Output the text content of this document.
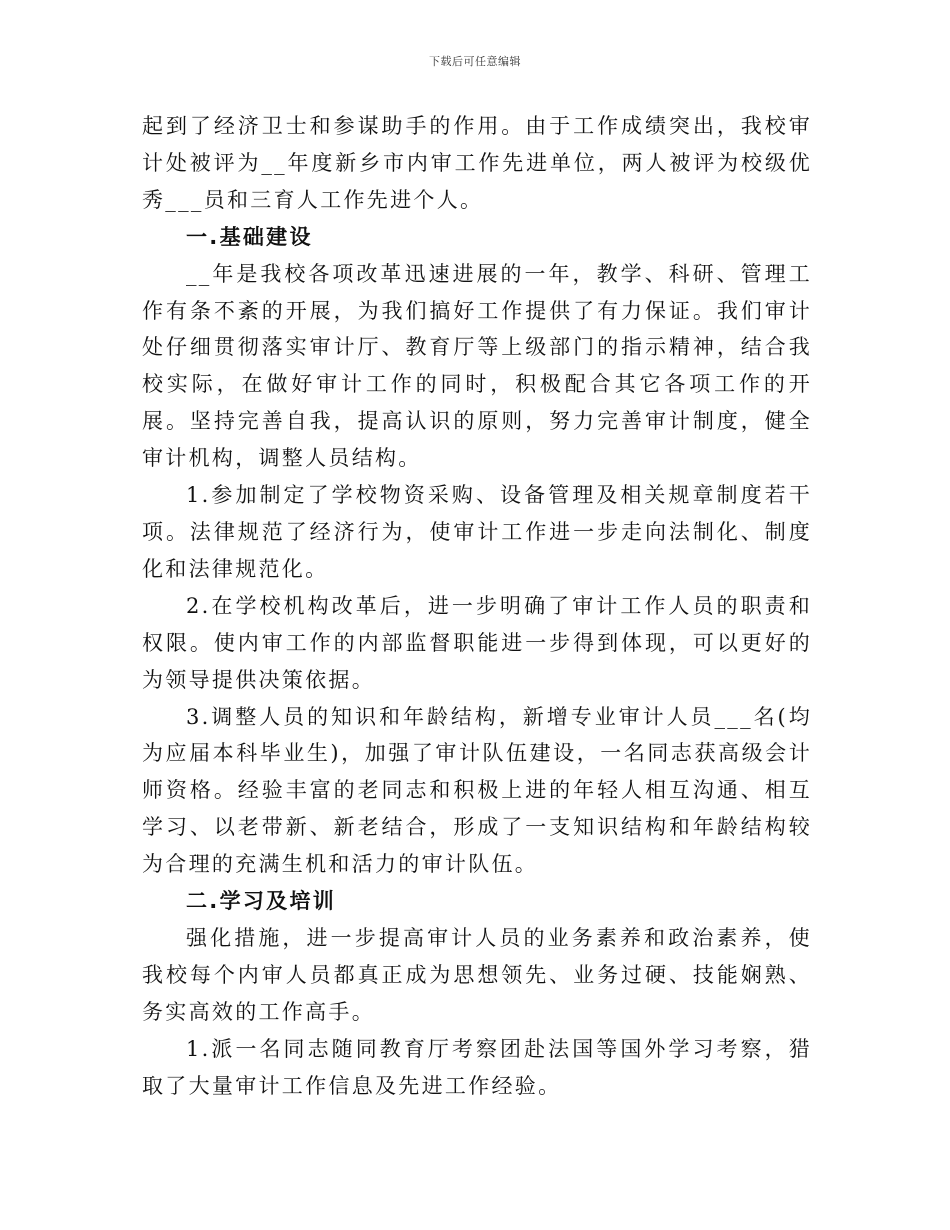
下载后可任意编辑

起到了经济卫士和参谋助手的作用。由于工作成绩突出，我校审计处被评为__年度新乡市内审工作先进单位，两人被评为校级优秀___员和三育人工作先进个人。

一.基础建设

__年是我校各项改革迅速进展的一年，教学、科研、管理工作有条不紊的开展，为我们搞好工作提供了有力保证。我们审计处仔细贯彻落实审计厅、教育厅等上级部门的指示精神，结合我校实际，在做好审计工作的同时，积极配合其它各项工作的开展。坚持完善自我，提高认识的原则，努力完善审计制度，健全审计机构，调整人员结构。

1.参加制定了学校物资采购、设备管理及相关规章制度若干项。法律规范了经济行为，使审计工作进一步走向法制化、制度化和法律规范化。

2.在学校机构改革后，进一步明确了审计工作人员的职责和权限。使内审工作的内部监督职能进一步得到体现，可以更好的为领导提供决策依据。

3.调整人员的知识和年龄结构，新增专业审计人员___名(均为应届本科毕业生)，加强了审计队伍建设，一名同志获高级会计师资格。经验丰富的老同志和积极上进的年轻人相互沟通、相互学习、以老带新、新老结合，形成了一支知识结构和年龄结构较为合理的充满生机和活力的审计队伍。

二.学习及培训

强化措施，进一步提高审计人员的业务素养和政治素养，使我校每个内审人员都真正成为思想领先、业务过硬、技能娴熟、务实高效的工作高手。

1.派一名同志随同教育厅考察团赴法国等国外学习考察，猎取了大量审计工作信息及先进工作经验。
